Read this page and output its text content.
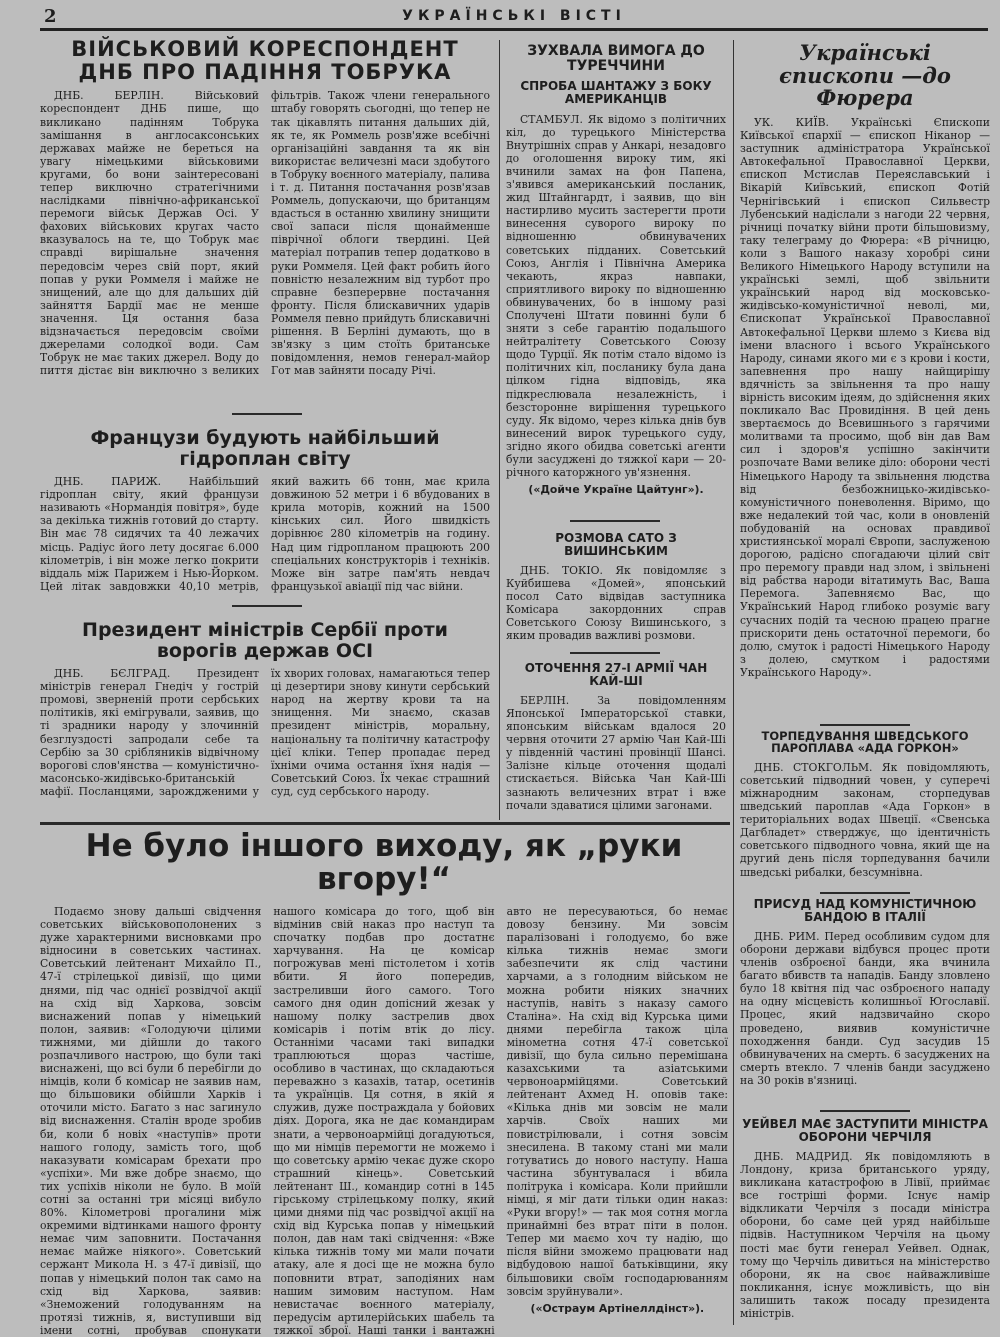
2	УКРАЇНСЬКІ ВІСТІ
ВІЙСЬКОВИЙ КОРЕСПОНДЕНТ ДНБ ПРО ПАДІННЯ ТОБРУКА

ДНБ. БЕРЛІН. Військовий кореспондент ДНБ пише, що викликано падінням Тобрука замішання в англосаксонських державах майже не береться на увагу німецькими військовими кругами, бо вони заінтересовані тепер виключно стратегічними наслідками північно-африканської перемоги військ Держав Осі. У фахових військових кругах часто вказувалось на те, що Тобрук має справді вирішальне значення передовсім через свій порт, який попав у руки Роммеля і майже не знищений, але що для дальших дій зайняття Бардії має не менше значення. Ця остання база відзначається передовсім своїми джерелами солодкої води. Сам Тобрук не має таких джерел. Воду до пиття дістає він виключно з великих фільтрів. Також члени генерального штабу говорять сьогодні, що тепер не так цікавлять питання дальших дій, як те, як Роммель розв'яже всебічні організаційні завдання та як він використає величезні маси здобутого в Тобруку воєнного матеріалу, палива і т. д. Питання постачання розв'язав Роммель, допускаючи, що британцям вдасться в останню хвилину знищити свої запаси після щонайменше піврічної облоги твердині. Цей матеріал потрапив тепер додатково в руки Роммеля. Цей факт робить його повністю незалежним від турбот про справне безперервне постачання фронту. Після блискавичних ударів Роммеля певно прийдуть блискавичні рішення. В Берліні думають, що в зв'язку з цим стоїть британське повідомлення, немов генерал-майор Гот мав зайняти посаду Річі.

Французи будують найбільший гідроплан світу

ДНБ. ПАРИЖ. Найбільший гідроплан світу, який французи називають «Нормандія повітря», буде за декілька тижнів готовий до старту. Він має 78 сидячих та 40 лежачих місць. Радіус його лету досягає 6.000 кілометрів, і він може легко покрити віддаль між Парижем і Нью-Йорком. Цей літак завдовжки 40,10 метрів, який важить 66 тонн, має крила довжиною 52 метри і 6 вбудованих в крила моторів, кожний на 1500 кінських сил. Його швидкість дорівнює 280 кілометрів на годину. Над цим гідропланом працюють 200 спеціальних конструкторів і техніків. Може він затре пам'ять невдач французької авіації під час війни.

Президент міністрів Сербії проти ворогів держав ОСІ

ДНБ. БЄЛГРАД. Президент міністрів генерал Гнедіч у гострій промові, зверненій проти сербських політиків, які емігрували, заявив, що ті зрадники народу у злочинній безглуздості запродали себе та Сербію за 30 срібляників відвічному ворогові слов'янства — комуністично-масонсько-жидівсько-британській мафії. Посланцями, зарождженими у їх хворих головах, намагаються тепер ці дезертири знову кинути сербський народ на жертву крови та на знищення. Ми знаємо, сказав президент міністрів, моральну, національну та політичну катастрофу цієї кліки. Тепер пропадає перед їхніми очима остання їхня надія — Советський Союз. Їх чекає страшний суд, суд сербського народу.

ЗУХВАЛА ВИМОГА ДО ТУРЕЧЧИНИ
СПРОБА ШАНТАЖУ З БОКУ АМЕРИКАНЦІВ

СТАМБУЛ. Як відомо з політичних кіл, до турецького Міністерства Внутрішніх справ у Анкарі, незадовго до оголошення вироку тим, які вчинили замах на фон Папена, з'явився американський посланик, жид Штайнгардт, і заявив, що він настирливо мусить застерегти проти винесення суворого вироку по відношенню обвинувачених советських підданих. Советський Союз, Англія і Північна Америка чекають, якраз навпаки, сприятливого вироку по відношенню обвинувачених, бо в іншому разі Сполучені Штати повинні були б зняти з себе гарантію подальшого нейтралітету Советського Союзу щодо Турції. Як потім стало відомо із політичних кіл, посланику була дана цілком гідна відповідь, яка підкреслювала незалежність, і безсторонне вирішення турецького суду. Як відомо, через кілька днів був винесений вирок турецького суду, згідно якого обидва советські агенти були засуджені до тяжкої кари — 20-річного каторжного ув'язнення.

(«Дойче Україне Цайтунг»).
РОЗМОВА САТО З ВИШИНСЬКИМ

ДНБ. ТОКІО. Як повідомляє з Куйбишева «Домей», японський посол Сато відвідав заступника Комісара закордонних справ Советського Союзу Вишинського, з яким провадив важливі розмови.

ОТОЧЕННЯ 27-І АРМІЇ ЧАН КАЙ-ШІ

БЕРЛІН. За повідомленням Японської Імператорської ставки, японським військам вдалося 20 червня оточити 27 армію Чан Кай-Ші у південній частині провінції Шансі. Залізне кільце оточення щодалі стискається. Війська Чан Кай-Ші зазнають величезних втрат і вже почали здаватися цілими загонами.

Українські єпископи —до Фюрера

УК. КИЇВ. Українські Єпископи Київської єпархії — єпископ Ніканор — заступник адміністратора Української Автокефальної Православної Церкви, єпископ Мстислав Переяславський і Вікарій Київський, єпископ Фотій Чернігівський і єпископ Сильвестр Лубенський надіслали з нагоди 22 червня, річниці початку війни проти більшовизму, таку телеграму до Фюрера: «В річницю, коли з Вашого наказу хоробрі сини Великого Німецького Народу вступили на українські землі, щоб звільнити український народ від московсько-жидівсько-комуністичної неволі, ми, Єпископат Української Православної Автокефальної Церкви шлемо з Києва від імени власного і всього Українського Народу, синами якого ми є з крови і кости, запевнення про нашу найщирішу вдячність за звільнення та про нашу вірність високим ідеям, до здійснення яких покликало Вас Провидіння. В цей день звертаємось до Всевишнього з гарячими молитвами та просимо, щоб він дав Вам сил і здоров'я успішно закінчити розпочате Вами велике діло: оборони честі Німецького Народу та звільнення людства від безбожницько-жидівсько-комуністичного поневолення. Віримо, що вже недалекий той час, коли в оновленій побудованій на основах правдивої християнської моралі Європи, заслуженою дорогою, радісно спогадаючи цілий світ про перемогу правди над злом, і звільнені від рабства народи вітатимуть Вас, Ваша Перемога. Запевняємо Вас, що Український Народ глибоко розуміє вагу сучасних подій та чесною працею прагне прискорити день остаточної перемоги, бо долю, смуток і радості Німецького Народу з долею, смутком і радостями Українського Народу».

ТОРПЕДУВАННЯ ШВЕДСЬКОГО ПАРОПЛАВА «АДА ГОРКОН»

ДНБ. СТОКГОЛЬМ. Як повідомляють, советський підводний човен, у суперечі міжнародним законам, сторпедував шведський пароплав «Ада Горкон» в територіальних водах Швеції. «Свенська Дагбладет» стверджує, що ідентичність советського підводного човна, який ще на другий день після торпедування бачили шведські рибалки, безсумнівна.

ПРИСУД НАД КОМУНІСТИЧНОЮ БАНДОЮ В ІТАЛІЇ

ДНБ. РИМ. Перед особливим судом для оборони держави відбувся процес проти членів озброєної банди, яка вчинила багато вбивств та нападів. Банду зловлено було 18 квітня під час озброєного нападу на одну місцевість колишньої Югославії. Процес, який надзвичайно скоро проведено, виявив комуністичне походження банди. Суд засудив 15 обвинувачених на смерть. 6 засуджених на смерть втекло. 7 членів банди засуджено на 30 років в'язниці.

УЕЙВЕЛ МАЄ ЗАСТУПИТИ МІНІСТРА ОБОРОНИ ЧЕРЧІЛЯ

ДНБ. МАДРИД. Як повідомляють в Лондону, криза британського уряду, викликана катастрофою в Лівії, приймає все гостріші форми. Існує намір відкликати Черчіля з посади міністра оборони, бо саме цей уряд найбільше підвів. Наступником Черчіля на цьому пості має бути генерал Уейвел. Однак, тому що Черчіль дивиться на міністерство оборони, як на своє найважливіше покликання, існує можливість, що він залишить також посаду президента міністрів.

Не було іншого виходу, як „руки вгору!“

Подаємо знову дальші свідчення советських військовополонених з дуже характерними висновками про відносини в советських частинах. Советський лейтенант Михайло П., 47-ї стрілецької дивізії, що цими днями, під час однієї розвідчої акції на схід від Харкова, зовсім виснажений попав у німецький полон, заявив: «Голодуючи цілими тижнями, ми дійшли до такого розпачливого настрою, що були такі виснажені, що всі були б перебігли до німців, коли б комісар не заявив нам, що більшовики обійшли Харків і оточили місто. Багато з нас загинуло від виснаження. Сталін вроде зробив би, коли б новіх «наступів» проти нашого голоду, замість того, щоб наказувати комісарам брехати про «успіхи». Ми вже добре знаємо, що тих успіхів ніколи не було. В моїй сотні за останні три місяці вибуло 80%. Кілометрові прогалини між окремими відтинками нашого фронту немає чим заповнити. Постачання немає майже ніякого». Советський сержант Микола Н. з 47-ї дивізії, що попав у німецький полон так само на схід від Харкова, заявив: «Знеможений голодуванням на протязі тижнів, я, виступивши від імени сотні, пробував спонукати нашого комісара до того, щоб він відмінив свій наказ про наступ та спочатку подбав про достатнє харчування. На це комісар погрожував мені пістолетом і хотів вбити. Я його попередив, застреливши його самого. Того самого дня один допісний жезак у нашому полку застрелив двох комісарів і потім втік до лісу. Останніми часами такі випадки траплюються щораз частіше, особливо в частинах, що складаються переважно з казахів, татар, осетинів та українців. Ця сотня, в якій я служив, дуже постраждала у бойових діях. Дорога, яка не дає командирам знати, а червоноармійці догадуються, що ми німців перемогти не можемо і що советську армію чекає дуже скоро страшний кінець». Советський лейтенант Ш., командир сотні в 145 гірськoму стрілецькому полку, який цими днями під час розвідчої акції на схід від Курська попав у німецький полон, дав нам такі свідчення: «Вже кілька тижнів тому ми мали почати атаку, але я досі ще не можна було поповнити втрат, заподіяних нам нашим зимовим наступом. Нам невистачає воєнного матеріалу, передусім артилерійських шабель та тяжкої зброї. Наші танки і вантажні авто не пересуваються, бо немає довозу бензину. Ми зовсім паралізовані і голодуємо, бо вже кілька тижнів немає змоги забезпечити як слід частини харчами, а з голодним військом не можна робити ніяких значних наступів, навіть з наказу самого Сталіна». На схід від Курська цими днями перебігла також ціла мінометна сотня 47-ї советської дивізії, що була сильно перемішана казахськими та азіатськими червоноармійцями. Советський лейтенант Ахмед Н. оповів таке: «Кілька днів ми зовсім не мали харчів. Своїх наших ми повистрілювали, і сотня зовсім знесилена. В такому стані ми мали готуватись до нового наступу. Наша частина збунтувалася і вбила політрука і комісара. Коли прийшли німці, я міг дати тільки один наказ: «Руки вгору!» — так моя сотня могла принаймні без втрат піти в полон. Тепер ми маємо хоч ту надію, що після війни зможемо працювати над відбудовою нашої батьківщини, яку більшовики своїм господарюванням зовсім зруйнували».

(«Остраум Артінеллдінст»).
